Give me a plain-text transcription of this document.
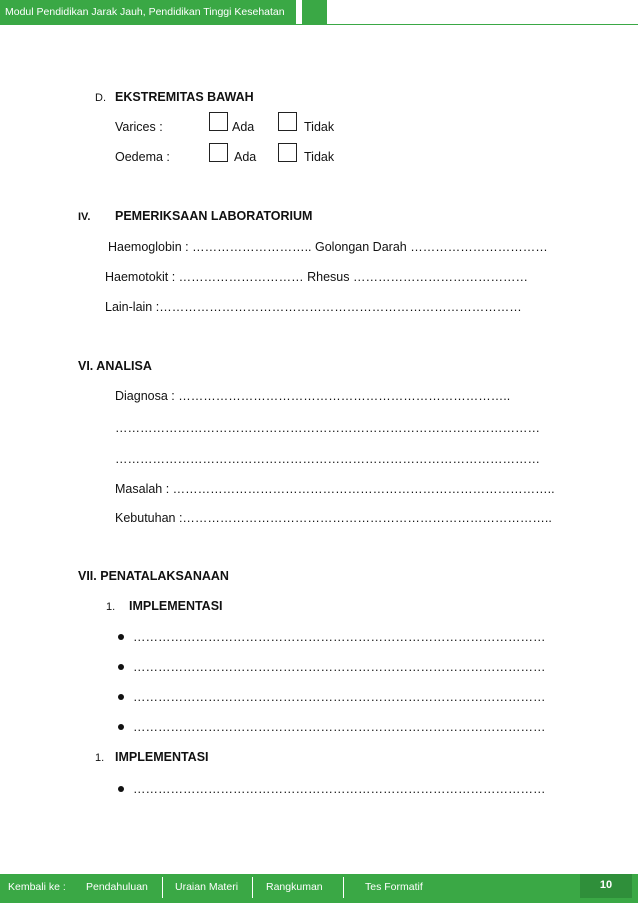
Modul Pendidikan Jarak Jauh, Pendidikan Tinggi Kesehatan
D. EKSTREMITAS BAWAH
Varices :	Ada	Tidak
Oedema :	Ada	Tidak
IV. PEMERIKSAAN LABORATORIUM
Haemoglobin : ……………………….. Golongan Darah ……………………………
Haemotokit : ………………………… Rhesus ……………………………………
Lain-lain :……………………………………………………………………………
VI. ANALISA
Diagnosa : ……………………………………………………………………..
…………………………………………………………………………………………
…………………………………………………………………………………………
Masalah : ………………………………………………………………………………..
Kebutuhan :……………………………………………………………………………..
VII. PENATALAKSANAAN
1. IMPLEMENTASI
………………………………………………………………………………………
………………………………………………………………………………………
………………………………………………………………………………………
………………………………………………………………………………………
1. IMPLEMENTASI
………………………………………………………………………………………
Kembali ke : Pendahuluan	Uraian Materi	Rangkuman	Tes Formatif	10
